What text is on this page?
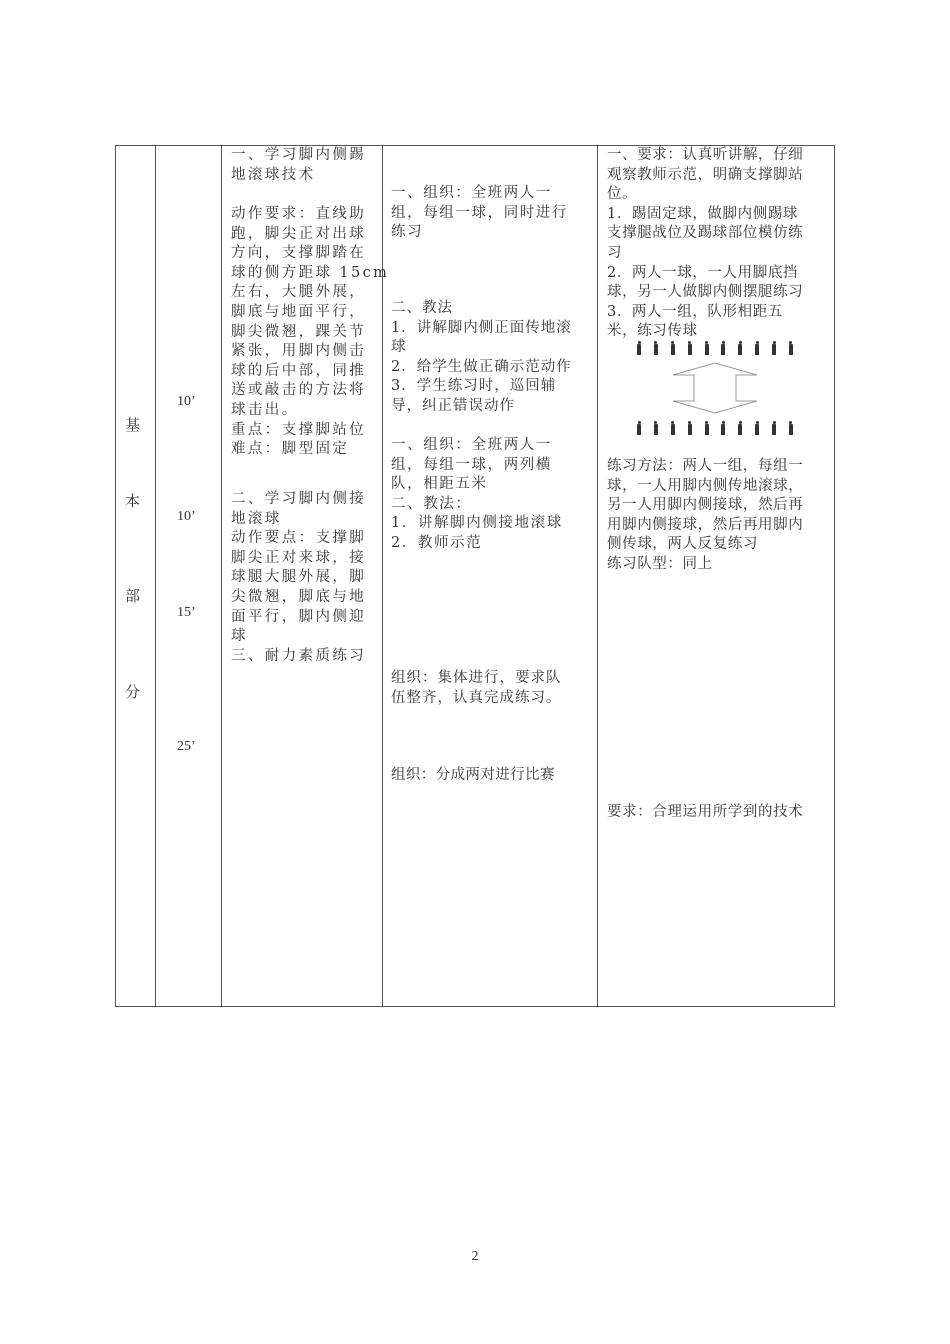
基
本
部
分
10’
10’
15’
25’
一、学习脚内侧踢
地滚球技术
动作要求：直线助
跑，脚尖正对出球
方向，支撑脚踏在
球的侧方距球 15cm
左右，大腿外展，
脚底与地面平行，
脚尖微翘，踝关节
紧张，用脚内侧击
球的后中部，同推
送或敲击的方法将
球击出。
重点：支撑脚站位
难点：脚型固定
二、学习脚内侧接
地滚球
动作要点：支撑脚
脚尖正对来球，接
球腿大腿外展，脚
尖微翘，脚底与地
面平行，脚内侧迎
球
三、耐力素质练习
一、组织：全班两人一
组，每组一球，同时进行
练习
二、教法
1．讲解脚内侧正面传地滚
球
2．给学生做正确示范动作
3．学生练习时，巡回辅
导，纠正错误动作
一、组织：全班两人一
组，每组一球，两列横
队，相距五米
二、教法：
1．讲解脚内侧接地滚球
2．教师示范
组织：集体进行，要求队
伍整齐，认真完成练习。
组织：分成两对进行比赛
一、要求：认真听讲解，仔细
观察教师示范，明确支撑脚站
位。
1．踢固定球，做脚内侧踢球
支撑腿战位及踢球部位模仿练
习
2．两人一球，一人用脚底挡
球，另一人做脚内侧摆腿练习
3．两人一组，队形相距五
米，练习传球
练习方法：两人一组，每组一
球，一人用脚内侧传地滚球，
另一人用脚内侧接球，然后再
用脚内侧接球，然后再用脚内
侧传球，两人反复练习
练习队型：同上
要求：合理运用所学到的技术
2
